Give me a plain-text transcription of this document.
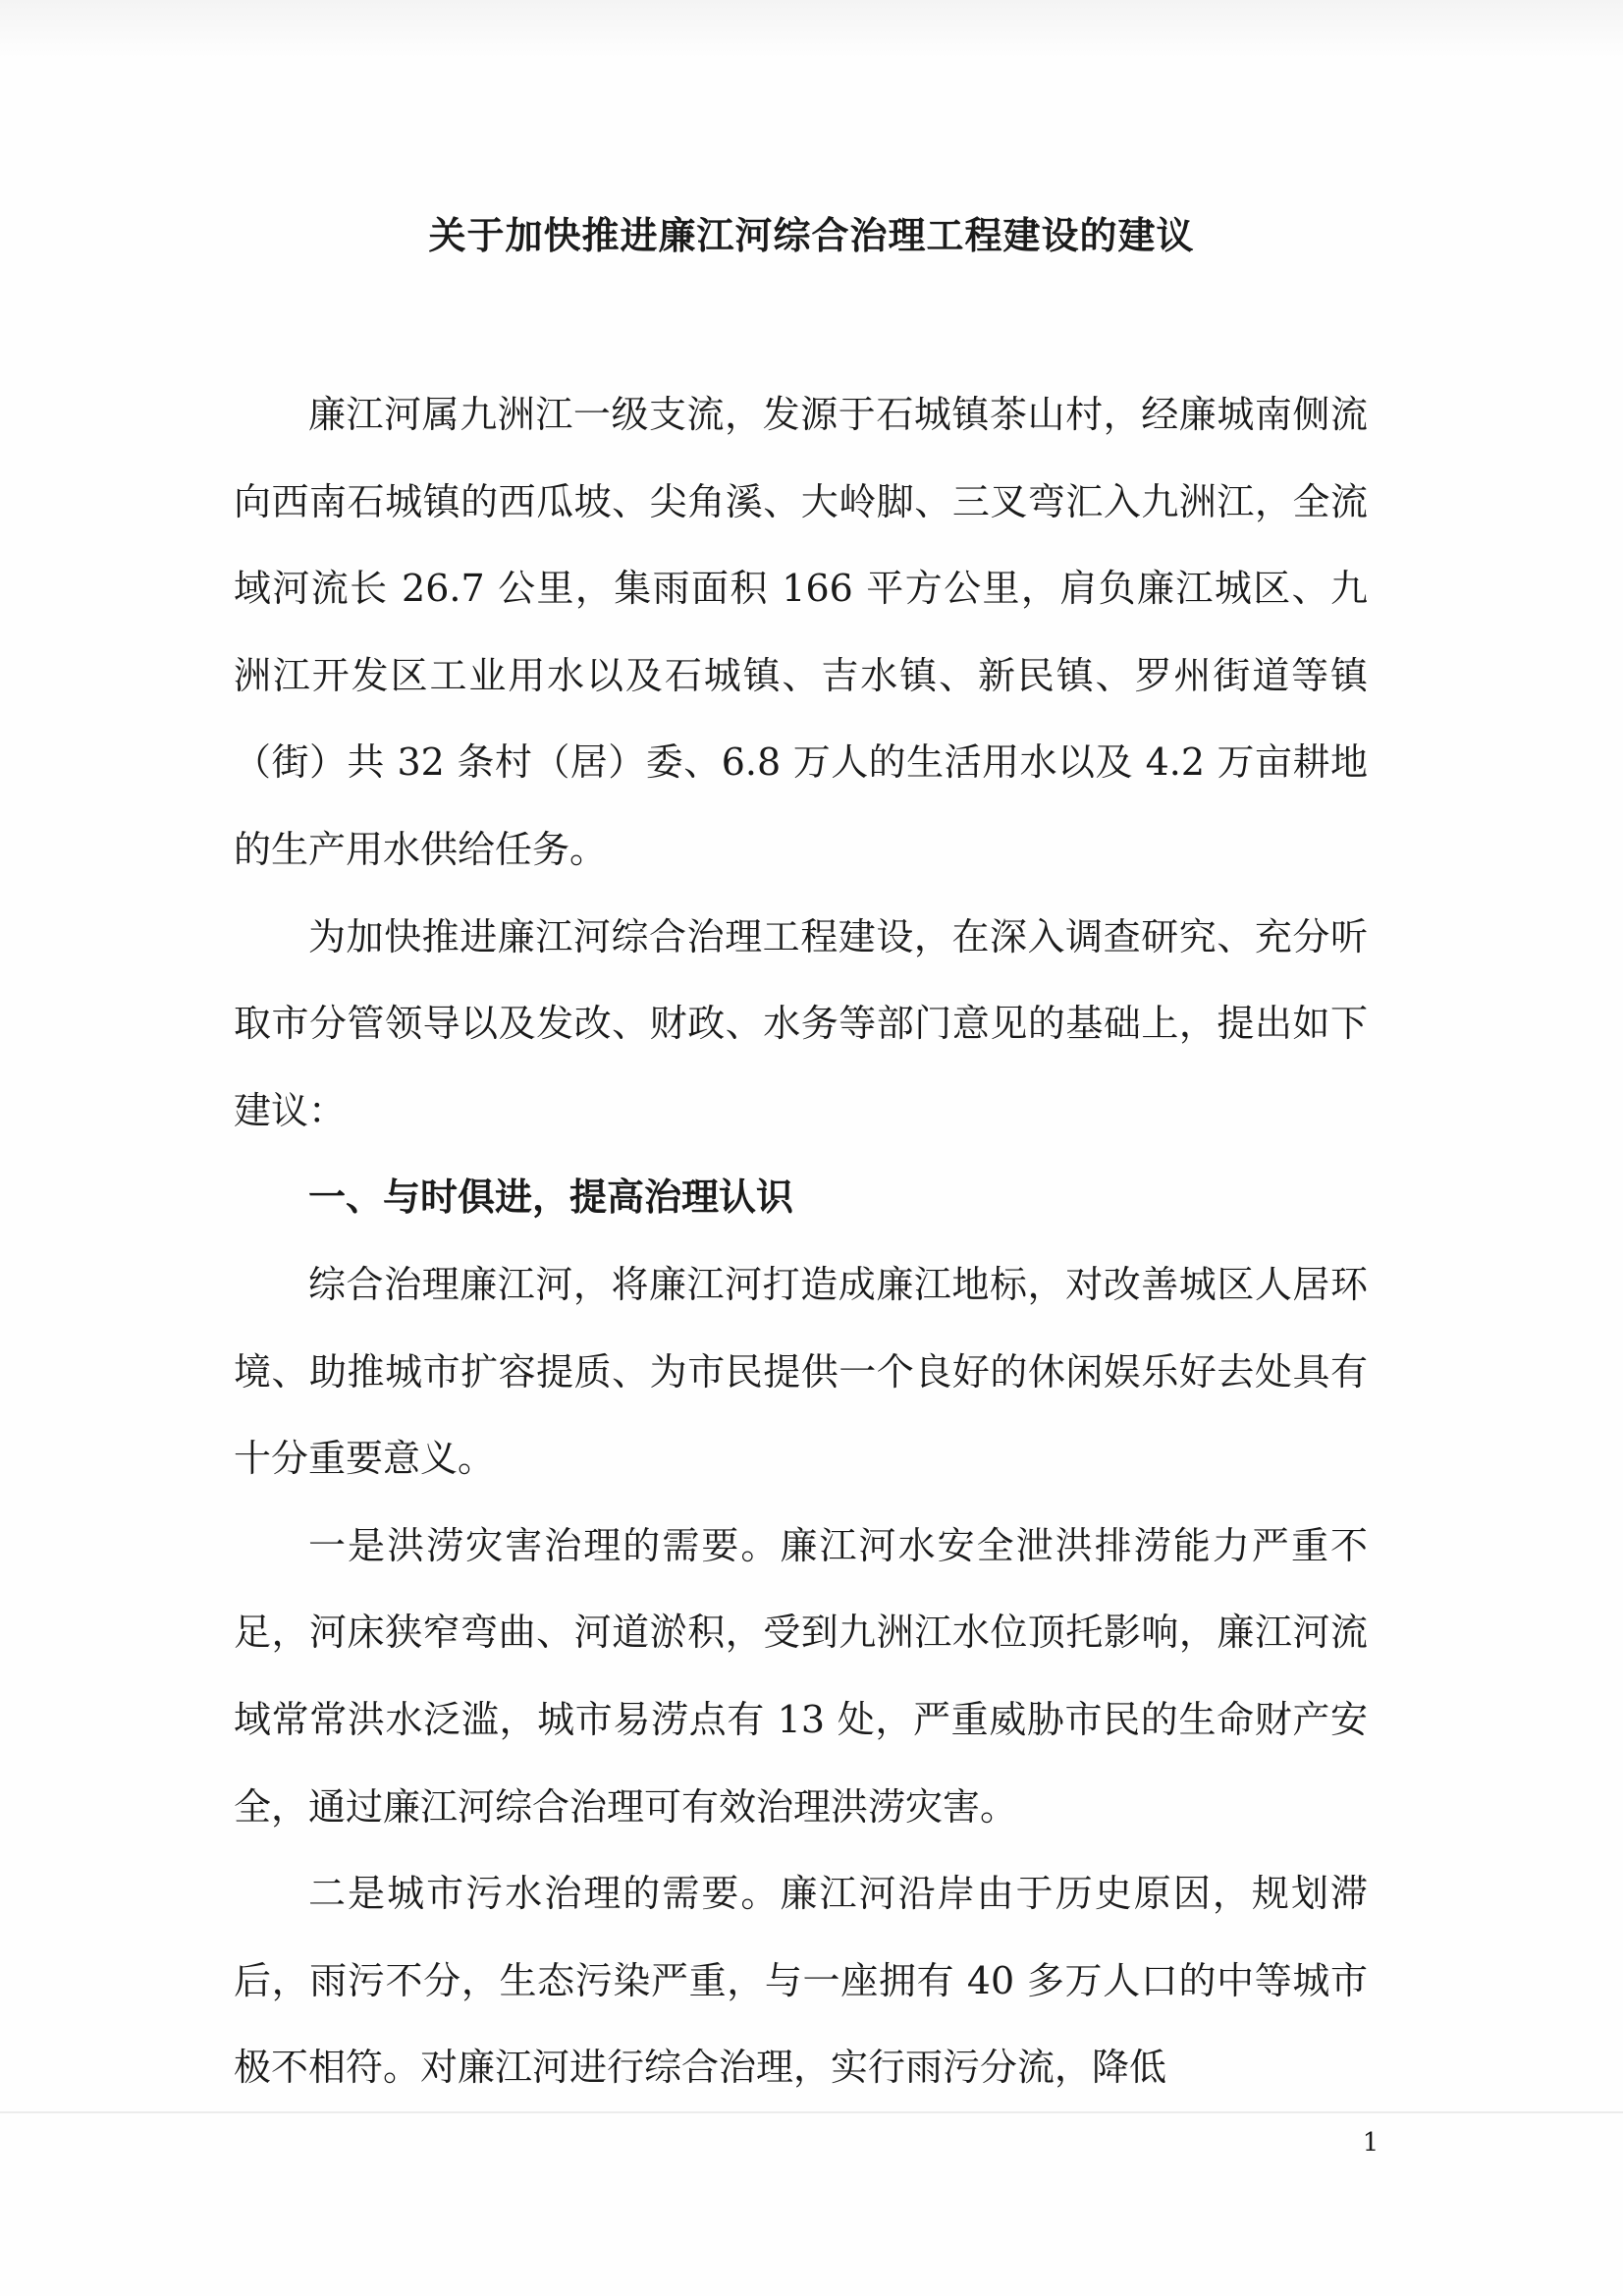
关于加快推进廉江河综合治理工程建设的建议

廉江河属九洲江一级支流，发源于石城镇茶山村，经廉城南侧流向西南石城镇的西瓜坡、尖角溪、大岭脚、三叉弯汇入九洲江，全流域河流长 26.7 公里，集雨面积 166 平方公里，肩负廉江城区、九洲江开发区工业用水以及石城镇、吉水镇、新民镇、罗州街道等镇（街）共 32 条村（居）委、6.8 万人的生活用水以及 4.2 万亩耕地的生产用水供给任务。

为加快推进廉江河综合治理工程建设，在深入调查研究、充分听取市分管领导以及发改、财政、水务等部门意见的基础上，提出如下建议：

一、与时俱进，提高治理认识

综合治理廉江河，将廉江河打造成廉江地标，对改善城区人居环境、助推城市扩容提质、为市民提供一个良好的休闲娱乐好去处具有十分重要意义。

一是洪涝灾害治理的需要。廉江河水安全泄洪排涝能力严重不足，河床狭窄弯曲、河道淤积，受到九洲江水位顶托影响，廉江河流域常常洪水泛滥，城市易涝点有 13 处，严重威胁市民的生命财产安全，通过廉江河综合治理可有效治理洪涝灾害。

二是城市污水治理的需要。廉江河沿岸由于历史原因，规划滞后，雨污不分，生态污染严重，与一座拥有 40 多万人口的中等城市极不相符。对廉江河进行综合治理，实行雨污分流，降低

1
